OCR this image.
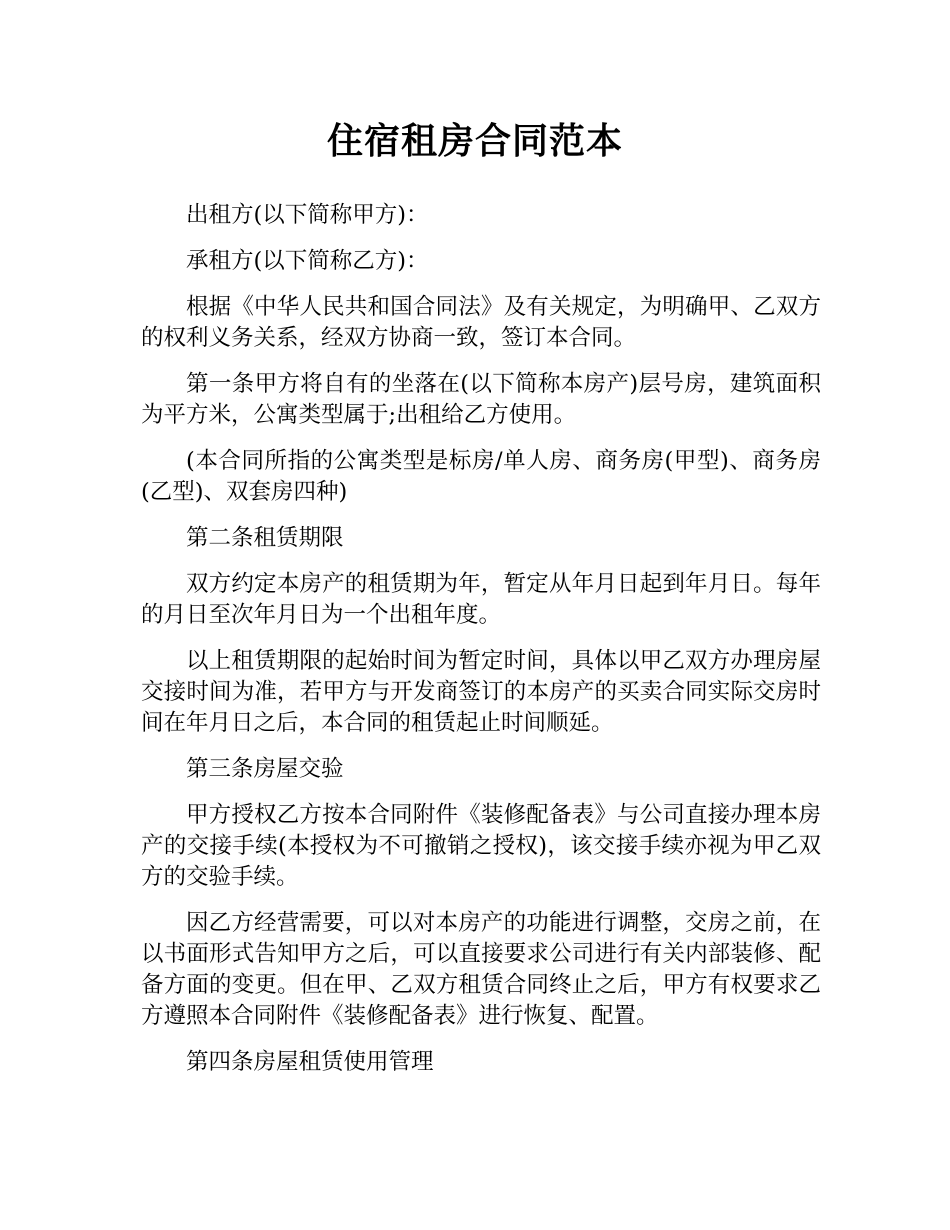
住宿租房合同范本

出租方(以下简称甲方)：

承租方(以下简称乙方)：

根据《中华人民共和国合同法》及有关规定，为明确甲、乙双方的权利义务关系，经双方协商一致，签订本合同。

第一条甲方将自有的坐落在(以下简称本房产)层号房，建筑面积为平方米，公寓类型属于;出租给乙方使用。

(本合同所指的公寓类型是标房/单人房、商务房(甲型)、商务房(乙型)、双套房四种)

第二条租赁期限

双方约定本房产的租赁期为年，暂定从年月日起到年月日。每年的月日至次年月日为一个出租年度。

以上租赁期限的起始时间为暂定时间，具体以甲乙双方办理房屋交接时间为准，若甲方与开发商签订的本房产的买卖合同实际交房时间在年月日之后，本合同的租赁起止时间顺延。

第三条房屋交验

甲方授权乙方按本合同附件《装修配备表》与公司直接办理本房产的交接手续(本授权为不可撤销之授权)，该交接手续亦视为甲乙双方的交验手续。

因乙方经营需要，可以对本房产的功能进行调整，交房之前，在以书面形式告知甲方之后，可以直接要求公司进行有关内部装修、配备方面的变更。但在甲、乙双方租赁合同终止之后，甲方有权要求乙方遵照本合同附件《装修配备表》进行恢复、配置。

第四条房屋租赁使用管理
